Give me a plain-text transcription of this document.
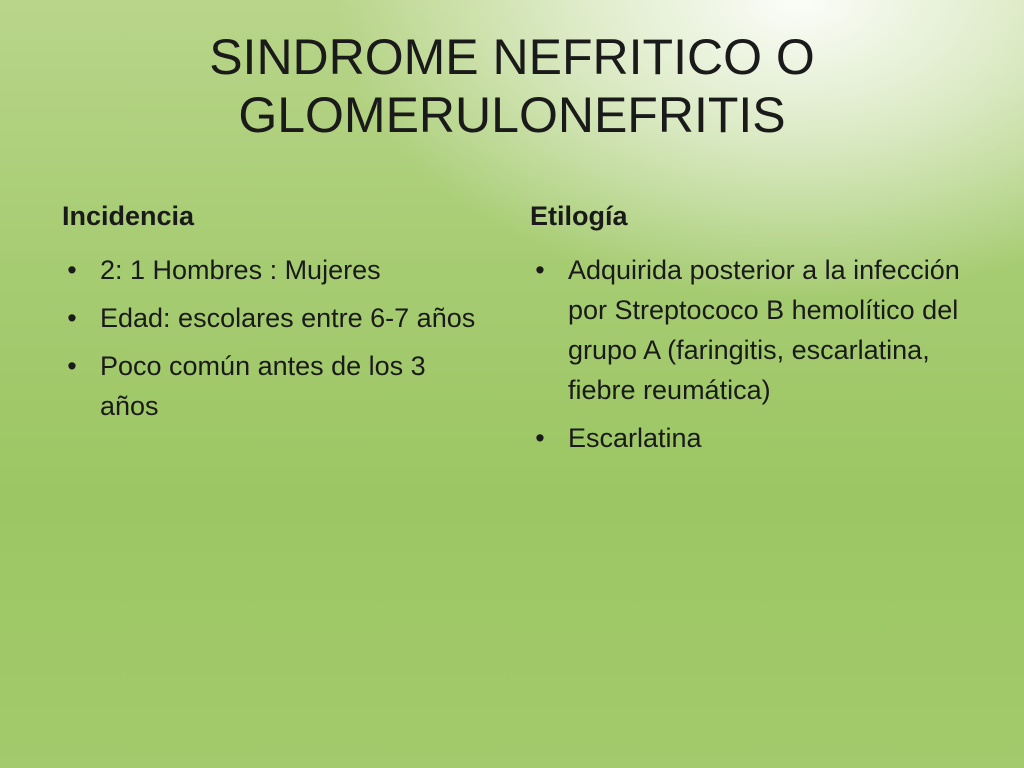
SINDROME NEFRITICO O
GLOMERULONEFRITIS
Incidencia
• 2: 1 Hombres : Mujeres
• Edad: escolares entre 6-7 años
• Poco común antes de los 3 años
Etilogía
• Adquirida posterior a la infección por Streptococo B hemolítico del grupo A (faringitis, escarlatina, fiebre reumática)
• Escarlatina
